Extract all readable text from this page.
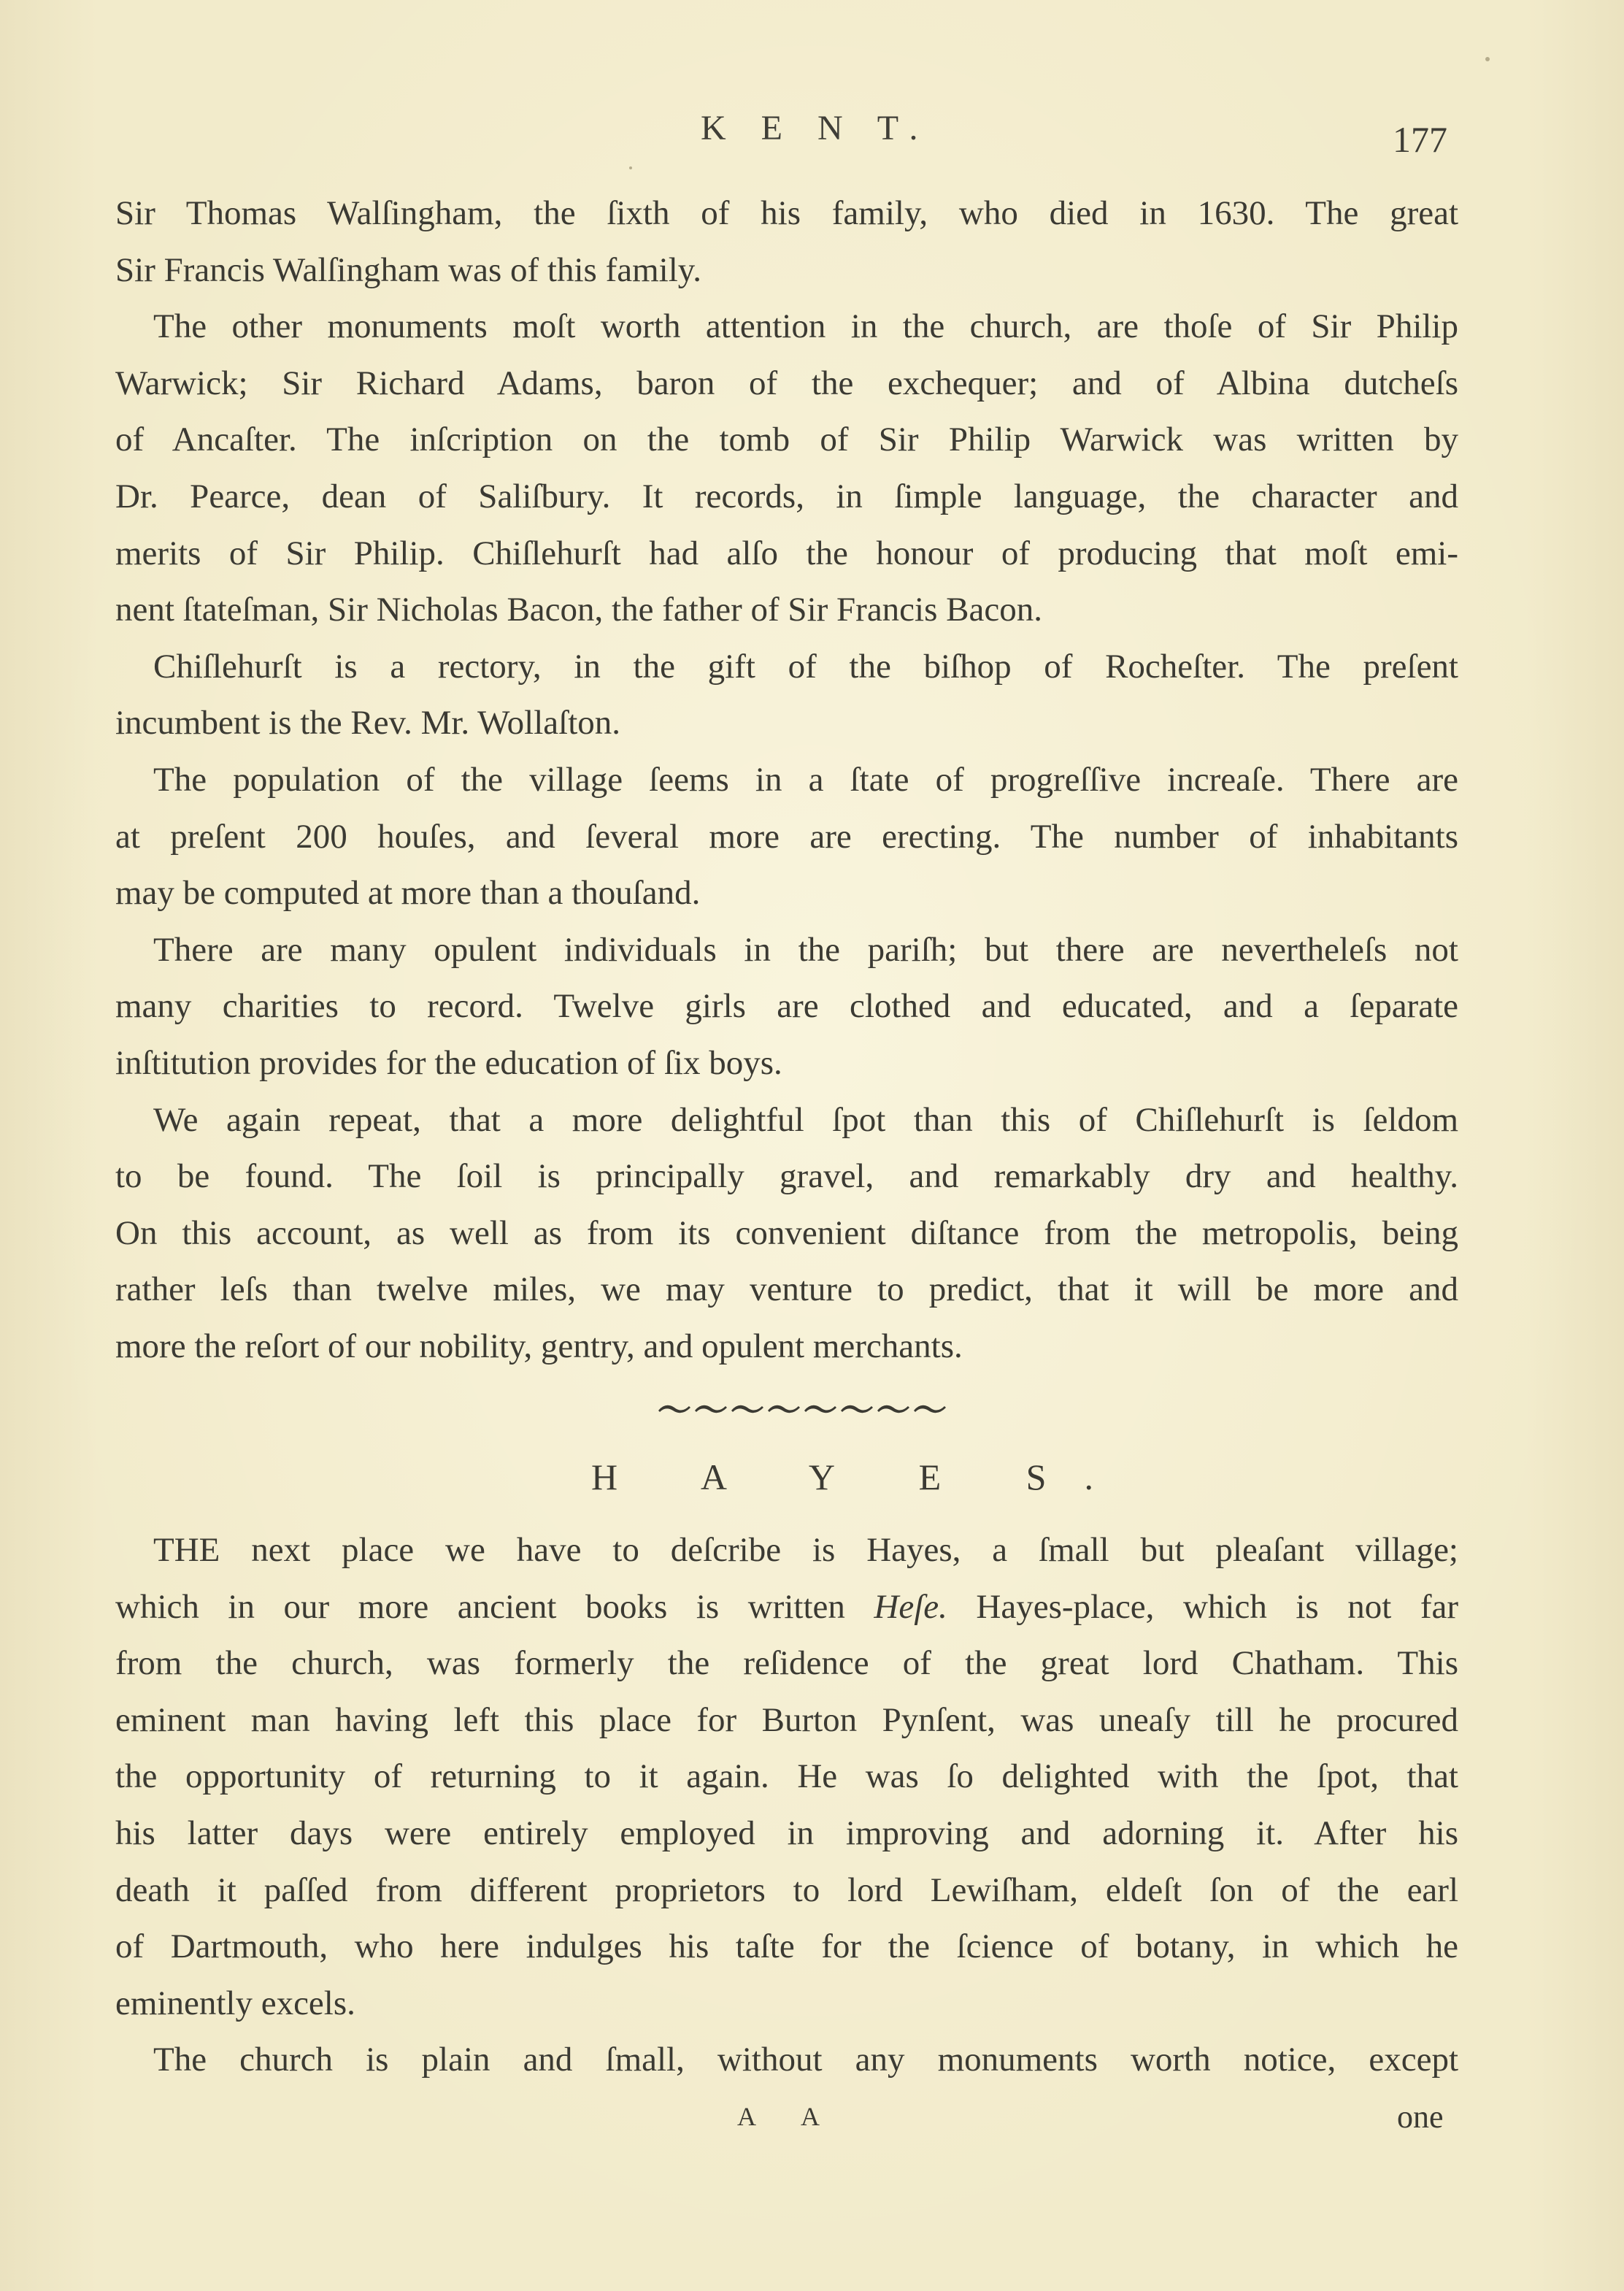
K E N T.	177
Sir Thomas Walſingham, the ſixth of his family, who died in 1630. The great
Sir Francis Walſingham was of this family.
The other monuments moſt worth attention in the church, are thoſe of Sir Philip
Warwick; Sir Richard Adams, baron of the exchequer; and of Albina dutcheſs
of Ancaſter. The inſcription on the tomb of Sir Philip Warwick was written by
Dr. Pearce, dean of Saliſbury. It records, in ſimple language, the character and
merits of Sir Philip. Chiſlehurſt had alſo the honour of producing that moſt emi-
nent ſtateſman, Sir Nicholas Bacon, the father of Sir Francis Bacon.
Chiſlehurſt is a rectory, in the gift of the biſhop of Rocheſter. The preſent
incumbent is the Rev. Mr. Wollaſton.
The population of the village ſeems in a ſtate of progreſſive increaſe. There are
at preſent 200 houſes, and ſeveral more are erecting. The number of inhabitants
may be computed at more than a thouſand.
There are many opulent individuals in the pariſh; but there are nevertheleſs not
many charities to record. Twelve girls are clothed and educated, and a ſeparate
inſtitution provides for the education of ſix boys.
We again repeat, that a more delightful ſpot than this of Chiſlehurſt is ſeldom
to be found. The ſoil is principally gravel, and remarkably dry and healthy.
On this account, as well as from its convenient diſtance from the metropolis, being
rather leſs than twelve miles, we may venture to predict, that it will be more and
more the reſort of our nobility, gentry, and opulent merchants.
H A Y E S.
THE next place we have to deſcribe is Hayes, a ſmall but pleaſant village;
which in our more ancient books is written Heſe. Hayes-place, which is not far
from the church, was formerly the reſidence of the great lord Chatham. This
eminent man having left this place for Burton Pynſent, was uneaſy till he procured
the opportunity of returning to it again. He was ſo delighted with the ſpot, that
his latter days were entirely employed in improving and adorning it. After his
death it paſſed from different proprietors to lord Lewiſham, eldeſt ſon of the earl
of Dartmouth, who here indulges his taſte for the ſcience of botany, in which he
eminently excels.
The church is plain and ſmall, without any monuments worth notice, except
A A	one
